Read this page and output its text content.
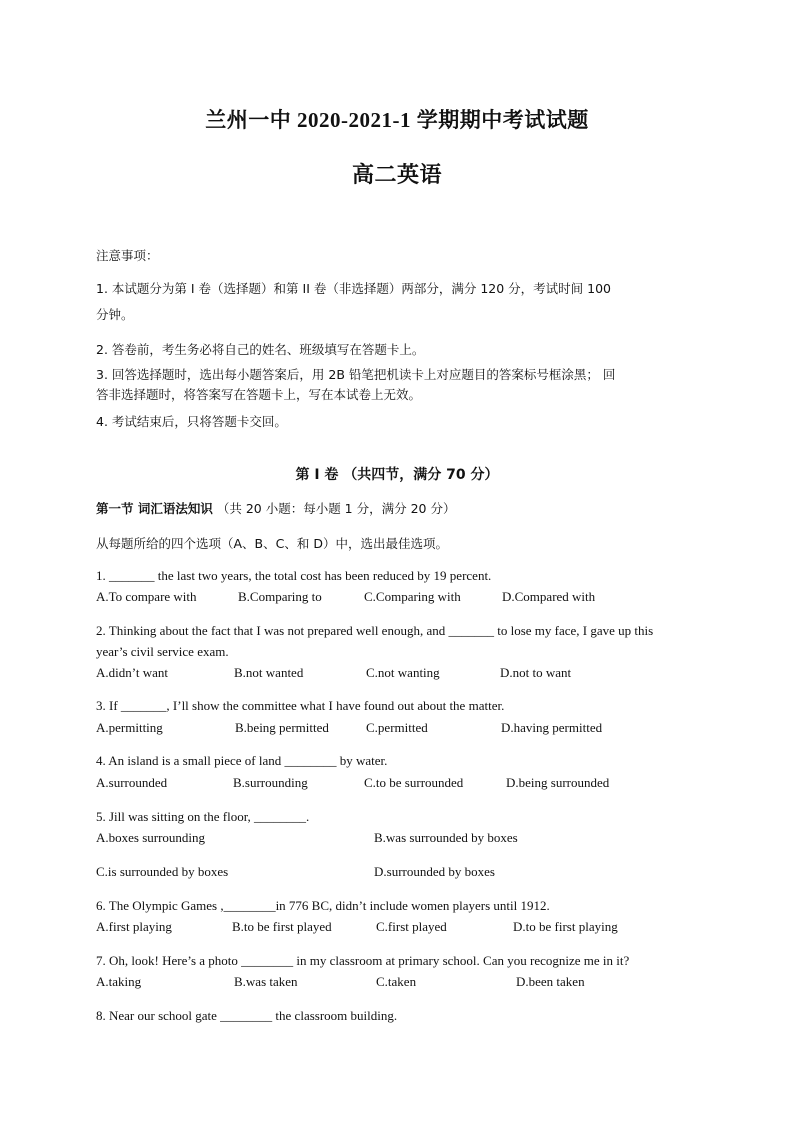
兰州一中 2020-2021-1 学期期中考试试题
高二英语
注意事项：
1. 本试题分为第 I 卷（选择题）和第 II 卷（非选择题）两部分，满分 120 分，考试时间 100
分钟。
2. 答卷前，考生务必将自己的姓名、班级填写在答题卡上。
3. 回答选择题时，选出每小题答案后，用 2B 铅笔把机读卡上对应题目的答案标号框涂黑； 回
答非选择题时，将答案写在答题卡上，写在本试卷上无效。
4. 考试结束后，只将答题卡交回。
第 I 卷 （共四节，满分 70 分）
第一节 词汇语法知识 （共 20 小题：每小题 1 分，满分 20 分）
从每题所给的四个选项（A、B、C、和 D）中，选出最佳选项。
1. _______ the last two years, the total cost has been reduced by 19 percent.
A.To compare with	B.Comparing to	C.Comparing with	D.Compared with
2. Thinking about the fact that I was not prepared well enough, and _______ to lose my face, I gave up this
year’s civil service exam.
A.didn’t want	B.not wanted	C.not wanting	D.not to want
3. If _______, I’ll show the committee what I have found out about the matter.
A.permitting	B.being permitted	C.permitted	D.having permitted
4. An island is a small piece of land ________ by water.
A.surrounded	B.surrounding	C.to be surrounded	D.being surrounded
5. Jill was sitting on the floor, ________.
A.boxes surrounding	B.was surrounded by boxes
C.is surrounded by boxes	D.surrounded by boxes
6. The Olympic Games ,________in 776 BC, didn’t include women players until 1912.
A.first playing	B.to be first played	C.first played	D.to be first playing
7. Oh, look! Here’s a photo ________ in my classroom at primary school. Can you recognize me in it?
A.taking	B.was taken	C.taken	D.been taken
8. Near our school gate ________ the classroom building.
